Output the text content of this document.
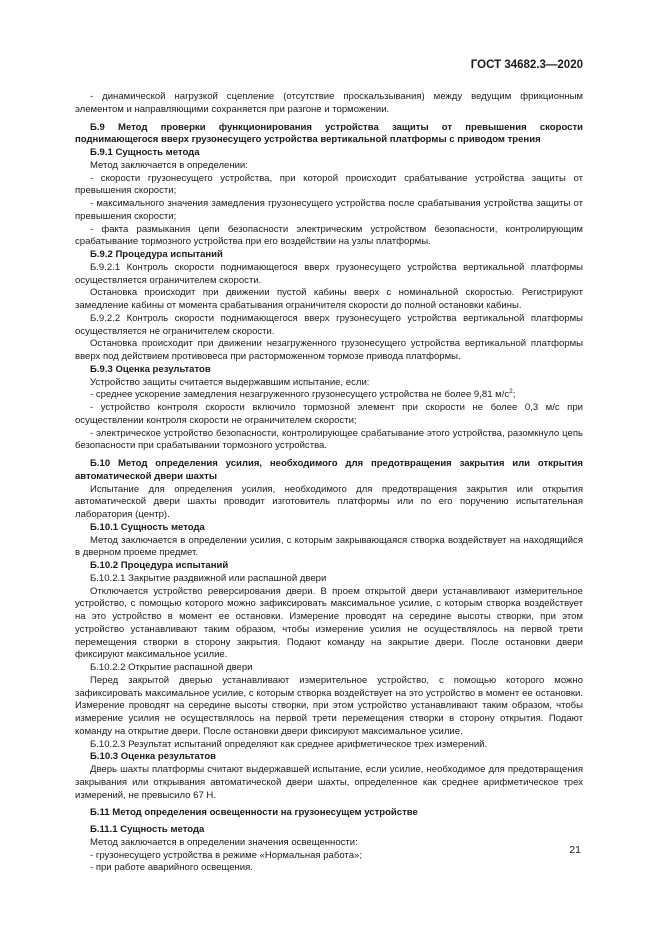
ГОСТ 34682.3—2020

- динамической нагрузкой сцепление (отсутствие проскальзывания) между ведущим фрикционным элементом и направляющими сохраняется при разгоне и торможении.

Б.9 Метод проверки функционирования устройства защиты от превышения скорости поднимающегося вверх грузонесущего устройства вертикальной платформы с приводом трения

Б.9.1 Сущность метода

Метод заключается в определении:

- скорости грузонесущего устройства, при которой происходит срабатывание устройства защиты от превышения скорости;

- максимального значения замедления грузонесущего устройства после срабатывания устройства защиты от превышения скорости;

- факта размыкания цепи безопасности электрическим устройством безопасности, контролирующим срабатывание тормозного устройства при его воздействии на узлы платформы.

Б.9.2 Процедура испытаний

Б.9.2.1 Контроль скорости поднимающегося вверх грузонесущего устройства вертикальной платформы осуществляется ограничителем скорости.

Остановка происходит при движении пустой кабины вверх с номинальной скоростью. Регистрируют замедление кабины от момента срабатывания ограничителя скорости до полной остановки кабины.

Б.9.2.2 Контроль скорости поднимающегося вверх грузонесущего устройства вертикальной платформы осуществляется не ограничителем скорости.

Остановка происходит при движении незагруженного грузонесущего устройства вертикальной платформы вверх под действием противовеса при расторможенном тормозе привода платформы.

Б.9.3 Оценка результатов

Устройство защиты считается выдержавшим испытание, если:

- среднее ускорение замедления незагруженного грузонесущего устройства не более 9,81 $м/с^2$;

- устройство контроля скорости включило тормозной элемент при скорости не более 0,3 м/с при осуществлении контроля скорости не ограничителем скорости;

- электрическое устройство безопасности, контролирующее срабатывание этого устройства, разомкнуло цепь безопасности при срабатывании тормозного устройства.

Б.10 Метод определения усилия, необходимого для предотвращения закрытия или открытия автоматической двери шахты

Испытание для определения усилия, необходимого для предотвращения закрытия или открытия автоматической двери шахты проводит изготовитель платформы или по его поручению испытательная лаборатория (центр).

Б.10.1 Сущность метода

Метод заключается в определении усилия, с которым закрывающаяся створка воздействует на находящийся в дверном проеме предмет.

Б.10.2 Процедура испытаний

Б.10.2.1 Закрытие раздвижной или распашной двери

Отключается устройство реверсирования двери. В проем открытой двери устанавливают измерительное устройство, с помощью которого можно зафиксировать максимальное усилие, с которым створка воздействует на это устройство в момент ее остановки. Измерение проводят на середине высоты створки, при этом устройство устанавливают таким образом, чтобы измерение усилия не осуществлялось на первой трети перемещения створки в сторону закрытия. Подают команду на закрытие двери. После остановки двери фиксируют максимальное усилие.

Б.10.2.2 Открытие распашной двери

Перед закрытой дверью устанавливают измерительное устройство, с помощью которого можно зафиксировать максимальное усилие, с которым створка воздействует на это устройство в момент ее остановки. Измерение проводят на середине высоты створки, при этом устройство устанавливают таким образом, чтобы измерение усилия не осуществлялось на первой трети перемещения створки в сторону открытия. Подают команду на открытие двери. После остановки двери фиксируют максимальное усилие.

Б.10.2.3 Результат испытаний определяют как среднее арифметическое трех измерений.

Б.10.3 Оценка результатов

Дверь шахты платформы считают выдержавшей испытание, если усилие, необходимое для предотвращения закрывания или открывания автоматической двери шахты, определенное как среднее арифметическое трех измерений, не превысило 67 Н.

Б.11 Метод определения освещенности на грузонесущем устройстве

Б.11.1 Сущность метода

Метод заключается в определении значения освещенности:

- грузонесущего устройства в режиме «Нормальная работа»;

- при работе аварийного освещения.

21
